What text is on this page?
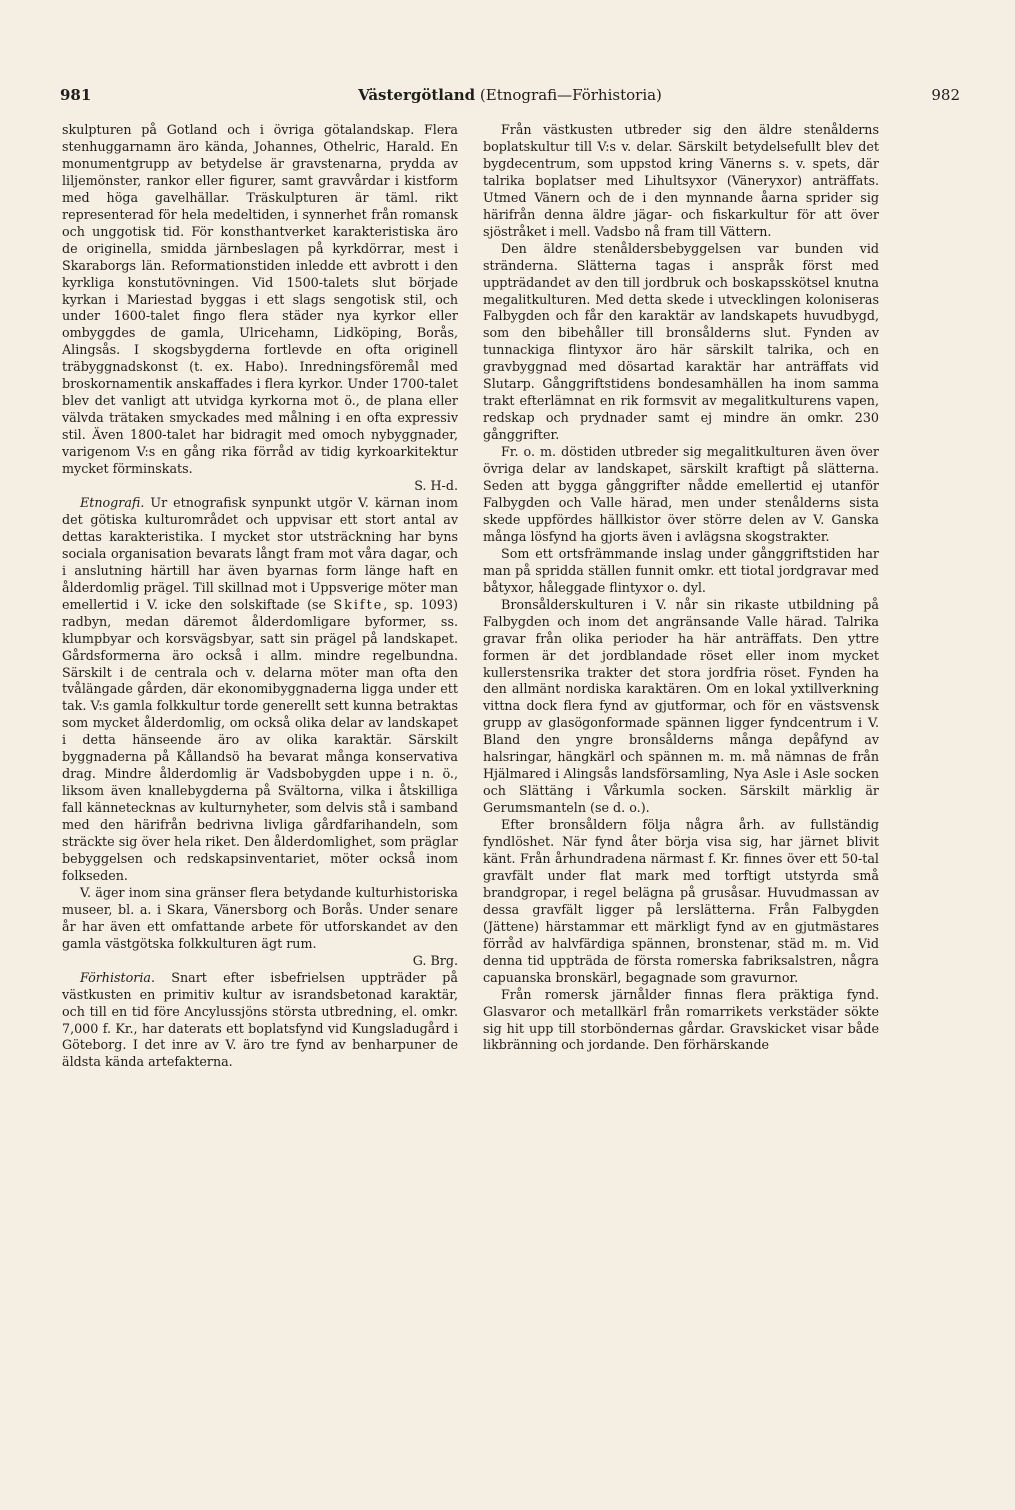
981	Västergötland (Etnografi—Förhistoria)	982

skulpturen på Gotland och i övriga götalandskap. Flera stenhuggarnamn äro kända, Johannes, Othelric, Harald. En monumentgrupp av betydelse är gravstenarna, prydda av liljemönster, rankor eller figurer, samt gravvårdar i kistform med höga gavelhällar. Träskulpturen är täml. rikt representerad för hela medeltiden, i synnerhet från romansk och unggotisk tid. För konsthantverket karakteristiska äro de originella, smidda järnbeslagen på kyrkdörrar, mest i Skaraborgs län. Reformationstiden inledde ett avbrott i den kyrkliga konstutövningen. Vid 1500-talets slut började kyrkan i Mariestad byggas i ett slags sengotisk stil, och under 1600-talet fingo flera städer nya kyrkor eller ombyggdes de gamla, Ulricehamn, Lidköping, Borås, Alingsås. I skogsbygderna fortlevde en ofta originell träbyggnadskonst (t. ex. Habo). Inredningsföremål med broskornamentik anskaffades i flera kyrkor. Under 1700-talet blev det vanligt att utvidga kyrkorna mot ö., de plana eller välvda trätaken smyckades med målning i en ofta expressiv stil. Även 1800-talet har bidragit med omoch nybyggnader, varigenom V:s en gång rika förråd av tidig kyrkoarkitektur mycket förminskats.

S. H-d.

Etnografi. Ur etnografisk synpunkt utgör V. kärnan inom det götiska kulturområdet och uppvisar ett stort antal av dettas karakteristika. I mycket stor utsträckning har byns sociala organisation bevarats långt fram mot våra dagar, och i anslutning härtill har även byarnas form länge haft en ålderdomlig prägel. Till skillnad mot i Uppsverige möter man emellertid i V. icke den solskiftade (se Skifte, sp. 1093) radbyn, medan däremot ålderdomligare byformer, ss. klumpbyar och korsvägsbyar, satt sin prägel på landskapet. Gårdsformerna äro också i allm. mindre regelbundna. Särskilt i de centrala och v. delarna möter man ofta den tvålängade gården, där ekonomibyggnaderna ligga under ett tak. V:s gamla folkkultur torde generellt sett kunna betraktas som mycket ålderdomlig, om också olika delar av landskapet i detta hänseende äro av olika karaktär. Särskilt byggnaderna på Kållandsö ha bevarat många konservativa drag. Mindre ålderdomlig är Vadsbobygden uppe i n. ö., liksom även knallebygderna på Svältorna, vilka i åtskilliga fall kännetecknas av kulturnyheter, som delvis stå i samband med den härifrån bedrivna livliga gårdfarihandeln, som sträckte sig över hela riket. Den ålderdomlighet, som präglar bebyggelsen och redskapsinventariet, möter också inom folkseden.

V. äger inom sina gränser flera betydande kulturhistoriska museer, bl. a. i Skara, Vänersborg och Borås. Under senare år har även ett omfattande arbete för utforskandet av den gamla västgötska folkkulturen ägt rum.

G. Brg.

Förhistoria. Snart efter isbefrielsen uppträder på västkusten en primitiv kultur av israndsbetonad karaktär, och till en tid före Ancylussjöns största utbredning, el. omkr. 7,000 f. Kr., har daterats ett boplatsfynd vid Kungsladugård i Göteborg. I det inre av V. äro tre fynd av benharpuner de äldsta kända artefakterna.

Från västkusten utbreder sig den äldre stenålderns boplatskultur till V:s v. delar. Särskilt betydelsefullt blev det bygdecentrum, som uppstod kring Vänerns s. v. spets, där talrika boplatser med Lihultsyxor (Väneryxor) anträffats. Utmed Vänern och de i den mynnande åarna sprider sig härifrån denna äldre jägar- och fiskarkultur för att över sjöstråket i mell. Vadsbo nå fram till Vättern.

Den äldre stenåldersbebyggelsen var bunden vid stränderna. Slätterna tagas i anspråk först med uppträdandet av den till jordbruk och boskapsskötsel knutna megalitkulturen. Med detta skede i utvecklingen koloniseras Falbygden och får den karaktär av landskapets huvudbygd, som den bibehåller till bronsålderns slut. Fynden av tunnackiga flintyxor äro här särskilt talrika, och en gravbyggnad med dösartad karaktär har anträffats vid Slutarp. Gånggriftstidens bondesamhällen ha inom samma trakt efterlämnat en rik formsvit av megalitkulturens vapen, redskap och prydnader samt ej mindre än omkr. 230 gånggrifter.

Fr. o. m. döstiden utbreder sig megalitkulturen även över övriga delar av landskapet, särskilt kraftigt på slätterna. Seden att bygga gånggrifter nådde emellertid ej utanför Falbygden och Valle härad, men under stenålderns sista skede uppfördes hällkistor över större delen av V. Ganska många lösfynd ha gjorts även i avlägsna skogstrakter.

Som ett ortsfrämmande inslag under gånggriftstiden har man på spridda ställen funnit omkr. ett tiotal jordgravar med båtyxor, håleggade flintyxor o. dyl.

Bronsålderskulturen i V. når sin rikaste utbildning på Falbygden och inom det angränsande Valle härad. Talrika gravar från olika perioder ha här anträffats. Den yttre formen är det jordblandade röset eller inom mycket kullerstensrika trakter det stora jordfria röset. Fynden ha den allmänt nordiska karaktären. Om en lokal yxtillverkning vittna dock flera fynd av gjutformar, och för en västsvensk grupp av glasögonformade spännen ligger fyndcentrum i V. Bland den yngre bronsålderns många depåfynd av halsringar, hängkärl och spännen m. m. må nämnas de från Hjälmared i Alingsås landsförsamling, Nya Asle i Asle socken och Slättäng i Vårkumla socken. Särskilt märklig är Gerumsmanteln (se d. o.).

Efter bronsåldern följa några årh. av fullständig fyndlöshet. När fynd åter börja visa sig, har järnet blivit känt. Från århundradena närmast f. Kr. finnes över ett 50-tal gravfält under flat mark med torftigt utstyrda små brandgropar, i regel belägna på grusåsar. Huvudmassan av dessa gravfält ligger på lerslätterna. Från Falbygden (Jättene) härstammar ett märkligt fynd av en gjutmästares förråd av halvfärdiga spännen, bronstenar, städ m. m. Vid denna tid uppträda de första romerska fabriksalstren, några capuanska bronskärl, begagnade som gravurnor.

Från romersk järnålder finnas flera präktiga fynd. Glasvaror och metallkärl från romarrikets verkstäder sökte sig hit upp till storböndernas gårdar. Gravskicket visar både likbränning och jordande. Den förhärskande
